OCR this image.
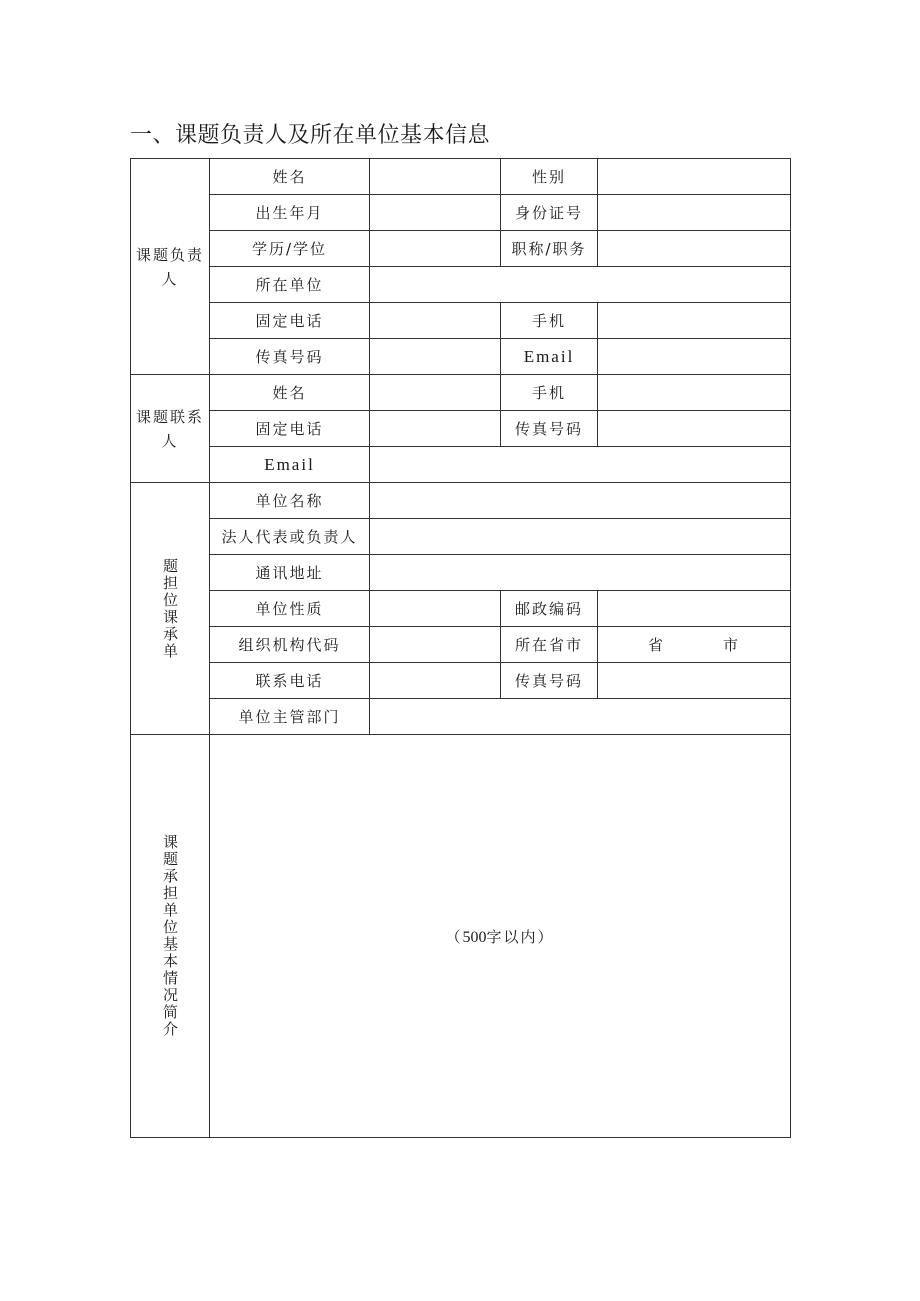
一、课题负责人及所在单位基本信息
课题负责人	姓名		性别	
	出生年月		身份证号	
	学历/学位		职称/职务	
	所在单位			
	固定电话		手机	
	传真号码		Email	
课题联系人	姓名		手机	
	固定电话		传真号码	
	Email			
题担位课承单	单位名称			
	法人代表或负责人			
	通讯地址			
	单位性质		邮政编码	
	组织机构代码		所在省市	省 市
	联系电话		传真号码	
	单位主管部门			
课题承担单位基本情况简介	（500字以内）			
